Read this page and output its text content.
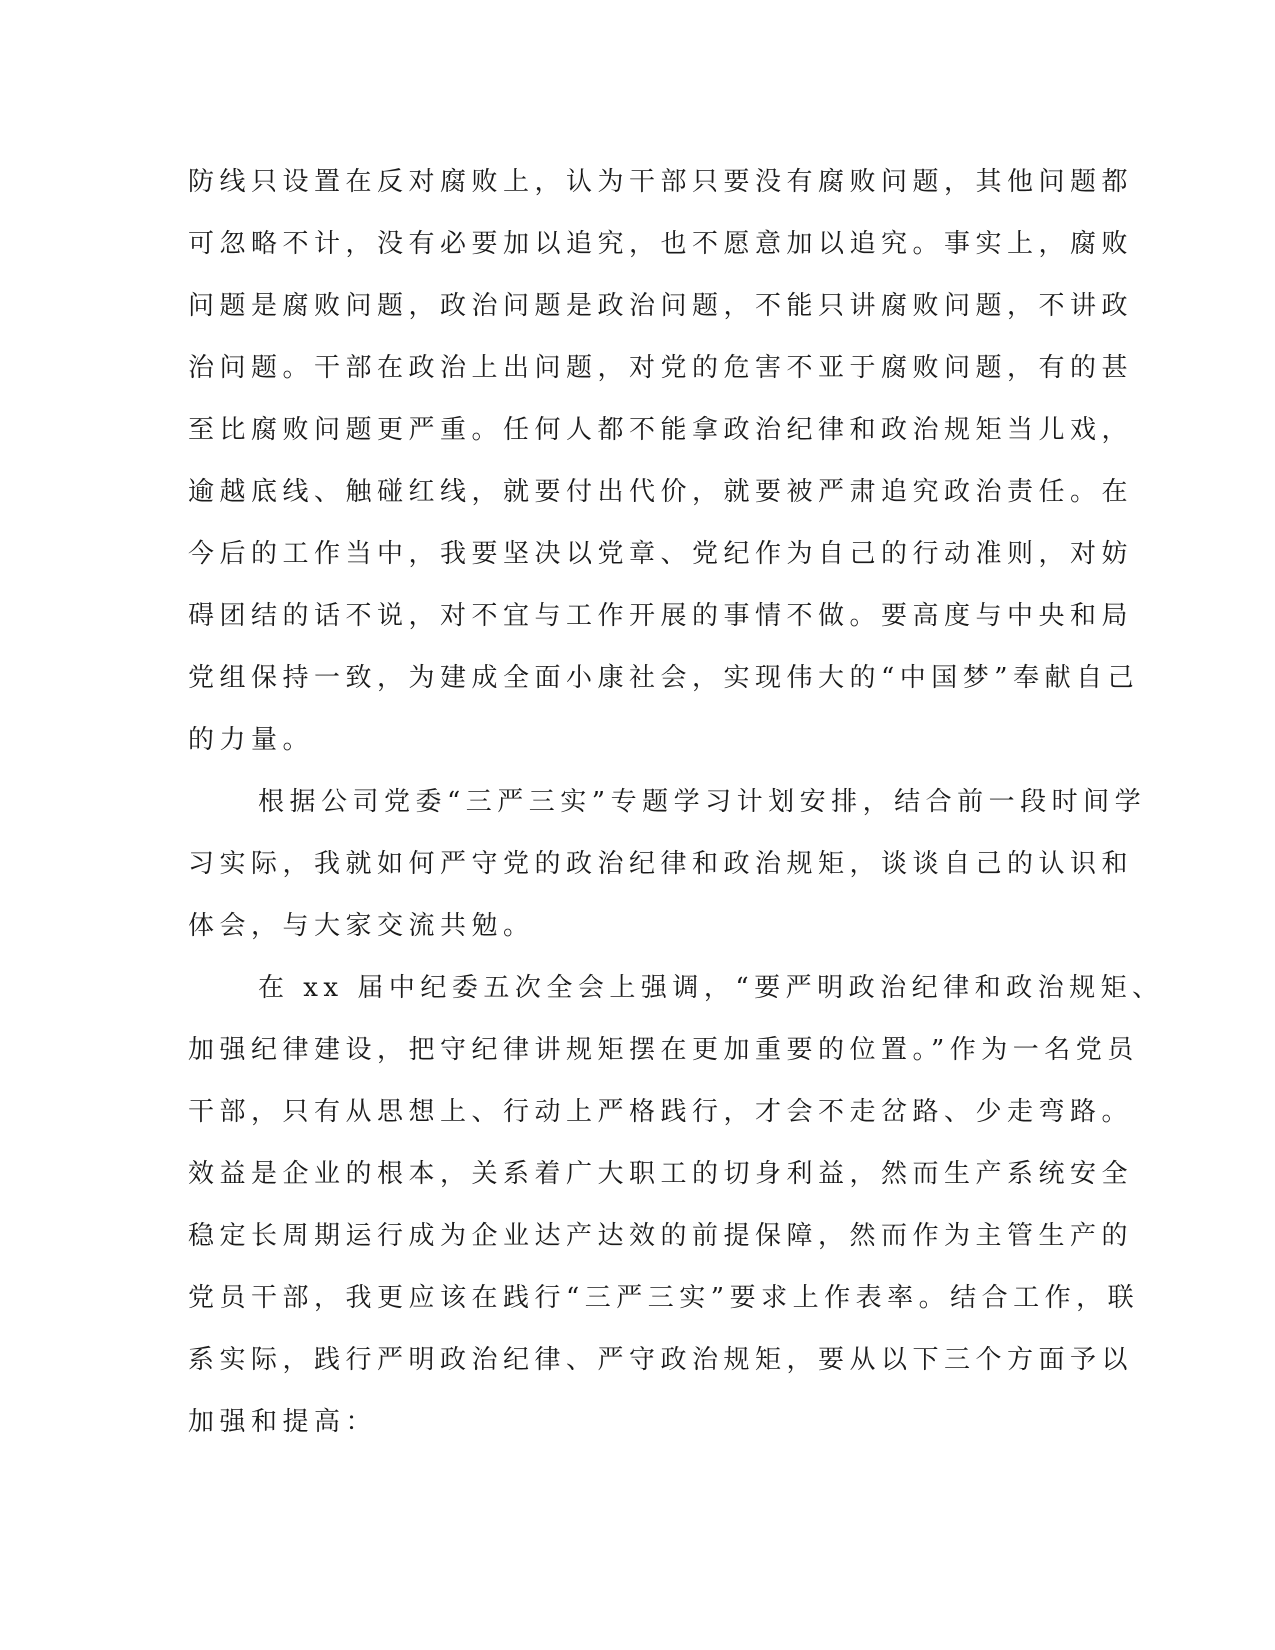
防线只设置在反对腐败上，认为干部只要没有腐败问题，其他问题都
可忽略不计，没有必要加以追究，也不愿意加以追究。事实上，腐败
问题是腐败问题，政治问题是政治问题，不能只讲腐败问题，不讲政
治问题。干部在政治上出问题，对党的危害不亚于腐败问题，有的甚
至比腐败问题更严重。任何人都不能拿政治纪律和政治规矩当儿戏，
逾越底线、触碰红线，就要付出代价，就要被严肃追究政治责任。在
今后的工作当中，我要坚决以党章、党纪作为自己的行动准则，对妨
碍团结的话不说，对不宜与工作开展的事情不做。要高度与中央和局
党组保持一致，为建成全面小康社会，实现伟大的“中国梦”奉献自己
的力量。
根据公司党委“三严三实”专题学习计划安排，结合前一段时间学
习实际，我就如何严守党的政治纪律和政治规矩，谈谈自己的认识和
体会，与大家交流共勉。
在 xx 届中纪委五次全会上强调，“要严明政治纪律和政治规矩、
加强纪律建设，把守纪律讲规矩摆在更加重要的位置。”作为一名党员
干部，只有从思想上、行动上严格践行，才会不走岔路、少走弯路。
效益是企业的根本，关系着广大职工的切身利益，然而生产系统安全
稳定长周期运行成为企业达产达效的前提保障，然而作为主管生产的
党员干部，我更应该在践行“三严三实”要求上作表率。结合工作，联
系实际，践行严明政治纪律、严守政治规矩，要从以下三个方面予以
加强和提高：
